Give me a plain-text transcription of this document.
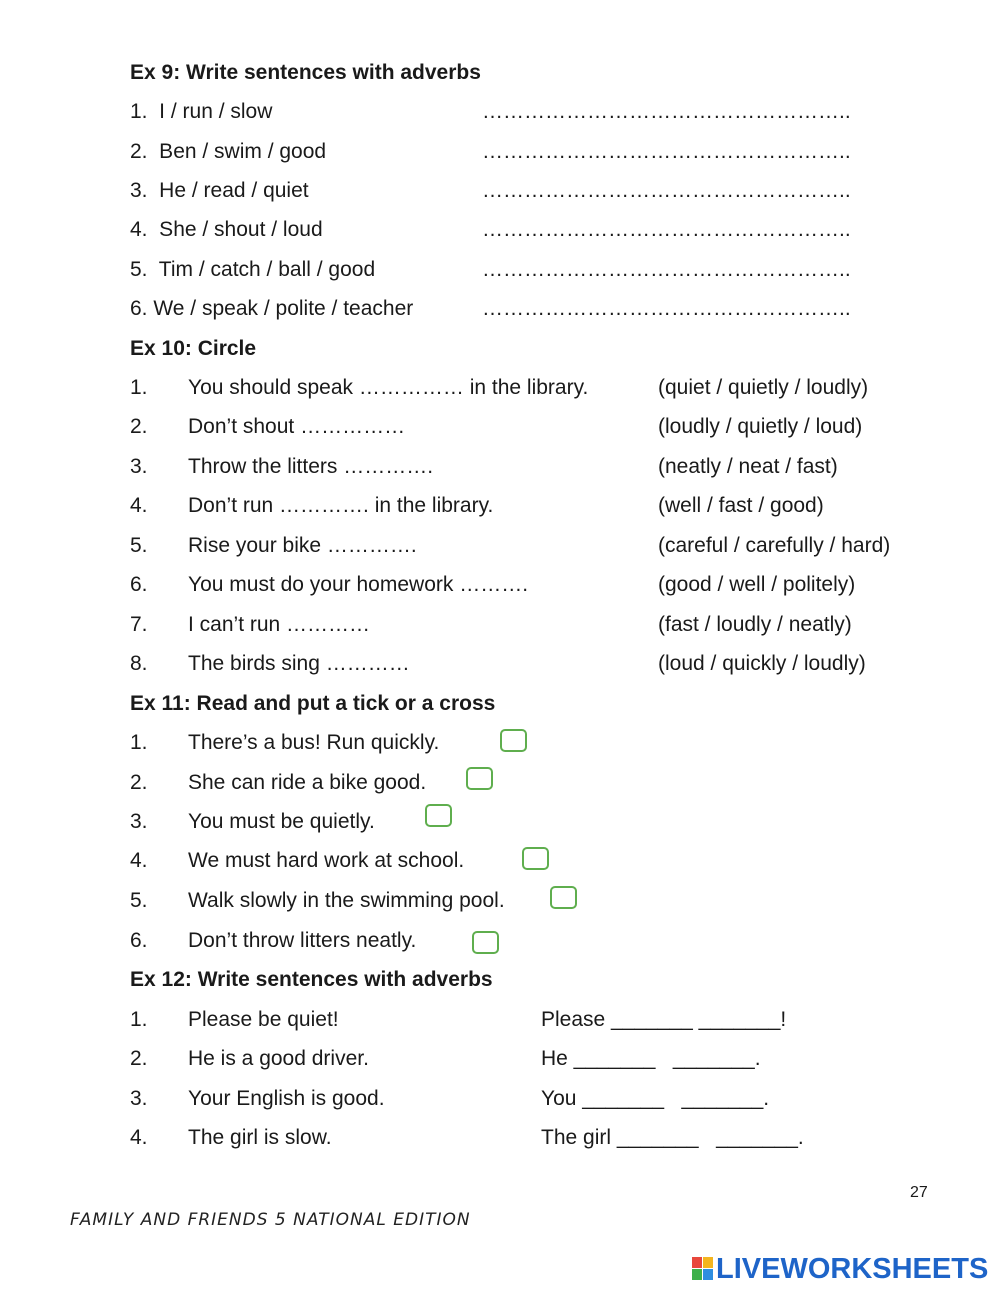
Ex 9: Write sentences with adverbs
1.  I / run / slow	……………………………………………..
2.  Ben / swim / good	……………………………………………..
3.  He / read / quiet	……………………………………………..
4.  She / shout / loud	……………………………………………..
5.  Tim / catch / ball / good	……………………………………………..
6. We / speak / polite / teacher	……………………………………………..
Ex 10: Circle
1. You should speak …………… in the library.	(quiet / quietly / loudly)
2. Don’t shout ……………	(loudly / quietly / loud)
3. Throw the litters ………….	(neatly / neat / fast)
4. Don’t run …………. in the library.	(well / fast / good)
5. Rise your bike ………….	(careful / carefully / hard)
6. You must do your homework ……….	(good / well / politely)
7. I can’t run …………	(fast / loudly / neatly)
8. The birds sing …………	(loud / quickly / loudly)
Ex 11: Read and put a tick or a cross
1. There’s a bus! Run quickly.
2. She can ride a bike good.
3. You must be quietly.
4. We must hard work at school.
5. Walk slowly in the swimming pool.
6. Don’t throw litters neatly.
Ex 12: Write sentences with adverbs
1. Please be quiet!	Please _______ _______!
2. He is a good driver.	He _______   _______.
3. Your English is good.	You _______   _______.
4. The girl is slow.	The girl _______   _______.
27
FAMILY AND FRIENDS 5 NATIONAL EDITION
LIVEWORKSHEETS
